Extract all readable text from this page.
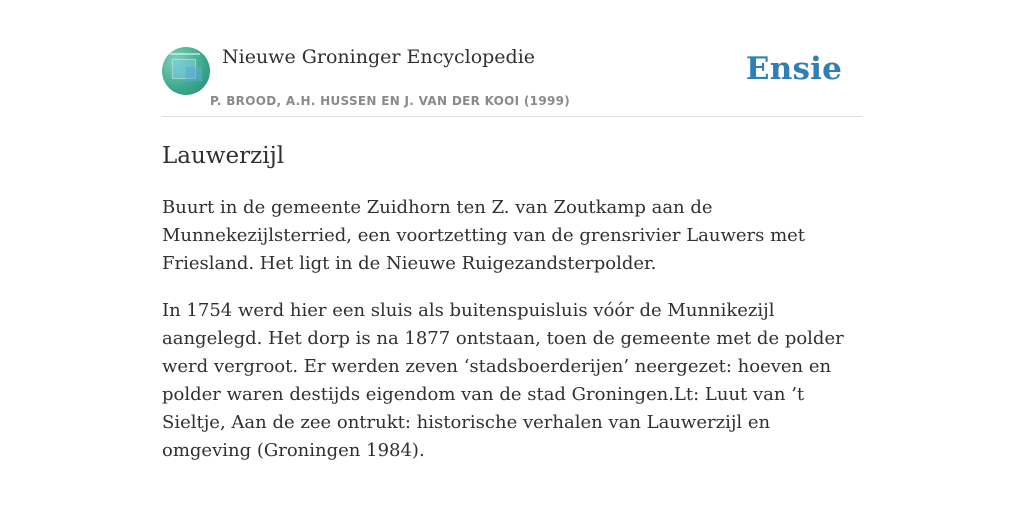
Nieuwe Groninger Encyclopedie
P. BROOD, A.H. HUSSEN EN J. VAN DER KOOI (1999)
Ensie
Lauwerzijl

Buurt in de gemeente Zuidhorn ten Z. van Zoutkamp aan de Munnekezijlsterried, een voortzetting van de grensrivier Lauwers met Friesland. Het ligt in de Nieuwe Ruigezandsterpolder.

In 1754 werd hier een sluis als buitenspuisluis vóór de Munnikezijl aangelegd. Het dorp is na 1877 ontstaan, toen de gemeente met de polder werd vergroot. Er werden zeven ‘stadsboerderijen’ neergezet: hoeven en polder waren destijds eigendom van de stad Groningen.Lt: Luut van ’t Sieltje, Aan de zee ontrukt: historische verhalen van Lauwerzijl en omgeving (Groningen 1984).
